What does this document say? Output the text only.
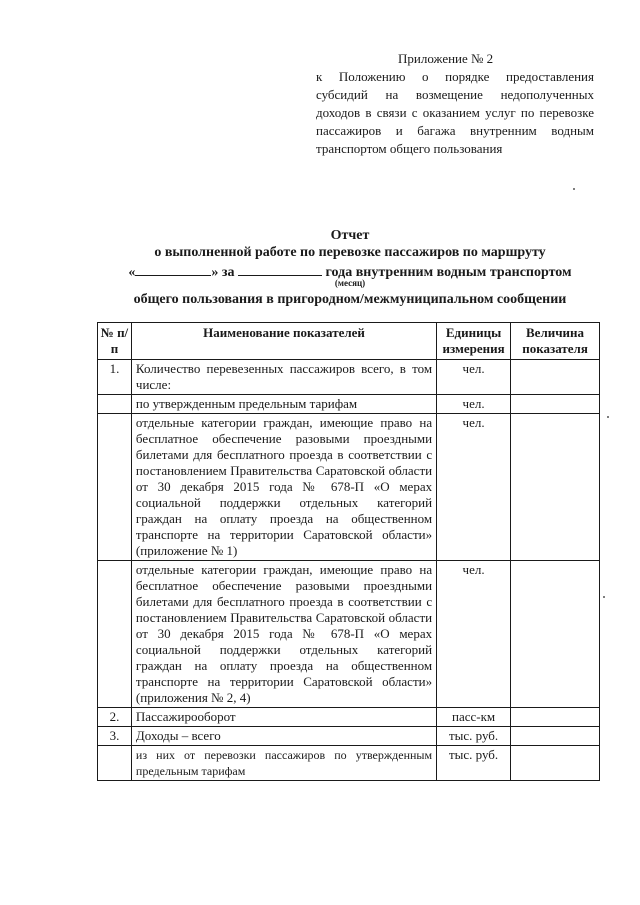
Приложение № 2
к Положению о порядке предоставления субсидий на возмещение недополученных доходов в связи с оказанием услуг по перевозке пассажиров и багажа внутренним водным транспортом общего пользования
Отчет
о выполненной работе по перевозке пассажиров по маршруту
«	» за	года внутренним водным транспортом
(месяц)
общего пользования в пригородном/межмуниципальном сообщении
№ п/п	Наименование показателей	Единицы измерения	Величина показателя
1.	Количество перевезенных пассажиров всего, в том числе:	чел.	
	по утвержденным предельным тарифам	чел.	
	отдельные категории граждан, имеющие право на бесплатное обеспечение разовыми проездными билетами для бесплатного проезда в соответствии с постановлением Правительства Саратовской области от 30 декабря 2015 года № 678-П «О мерах социальной поддержки отдельных категорий граждан на оплату проезда на общественном транспорте на территории Саратовской области» (приложение № 1)	чел.	
	отдельные категории граждан, имеющие право на бесплатное обеспечение разовыми проездными билетами для бесплатного проезда в соответствии с постановлением Правительства Саратовской области от 30 декабря 2015 года № 678-П «О мерах социальной поддержки отдельных категорий граждан на оплату проезда на общественном транспорте на территории Саратовской области» (приложения № 2, 4)	чел.	
2.	Пассажирооборот	пасс-км	
3.	Доходы – всего	тыс. руб.	
	из них от перевозки пассажиров по утвержденным предельным тарифам	тыс. руб.	
